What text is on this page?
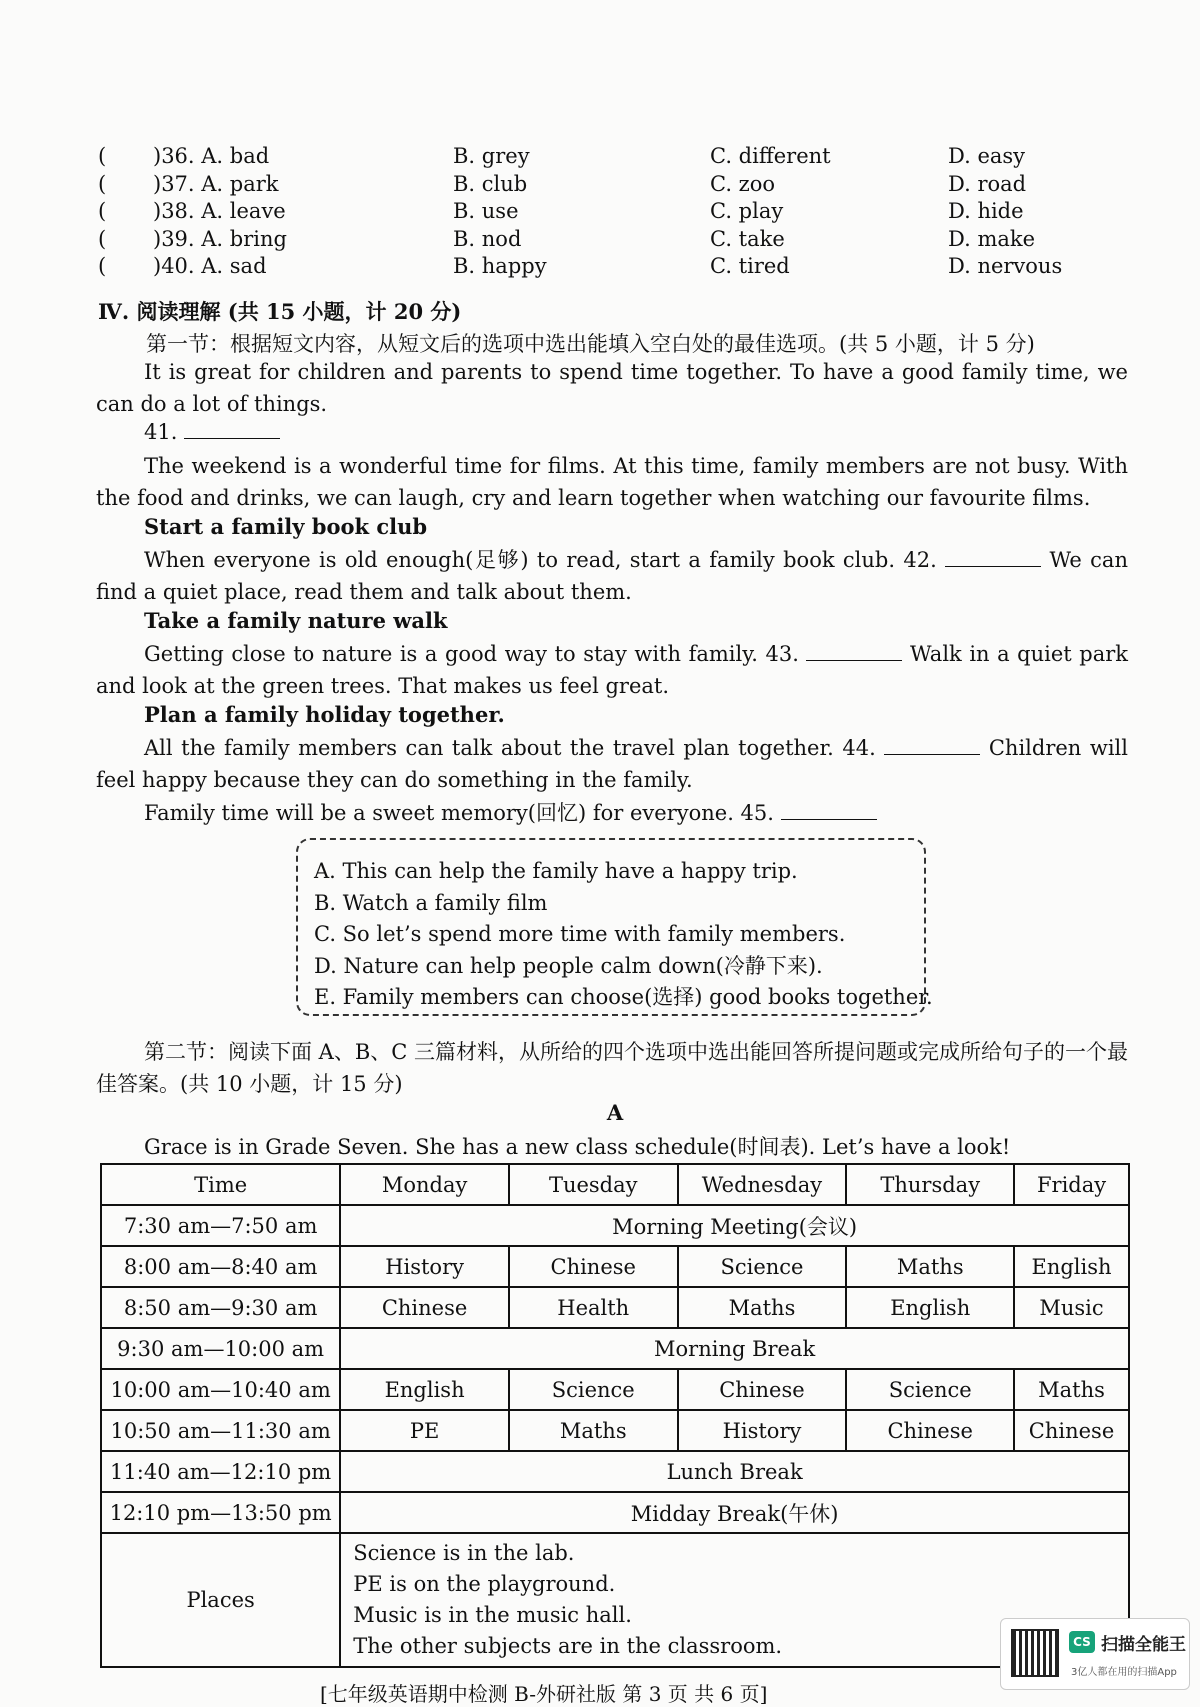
( )36. A. bad	B. grey	C. different	D. easy
( )37. A. park	B. club	C. zoo	D. road
( )38. A. leave	B. use	C. play	D. hide
( )39. A. bring	B. nod	C. take	D. make
( )40. A. sad	B. happy	C. tired	D. nervous
Ⅳ. 阅读理解 (共 15 小题，计 20 分)
第一节：根据短文内容，从短文后的选项中选出能填入空白处的最佳选项。(共 5 小题，计 5 分)

It is great for children and parents to spend time together. To have a good family time, we can do a lot of things.

41.

The weekend is a wonderful time for films. At this time, family members are not busy. With the food and drinks, we can laugh, cry and learn together when watching our favourite films.

Start a family book club

When everyone is old enough(足够) to read, start a family book club. 42.	We can find a quiet place, read them and talk about them.

Take a family nature walk

Getting close to nature is a good way to stay with family. 43.	Walk in a quiet park and look at the green trees. That makes us feel great.

Plan a family holiday together.

All the family members can talk about the travel plan together. 44.	Children will feel happy because they can do something in the family.

Family time will be a sweet memory(回忆) for everyone. 45.
A. This can help the family have a happy trip.
B. Watch a family film
C. So let’s spend more time with family members.
D. Nature can help people calm down(冷静下来).
E. Family members can choose(选择) good books together.

第二节：阅读下面 A、B、C 三篇材料，从所给的四个选项中选出能回答所提问题或完成所给句子的一个最佳答案。(共 10 小题，计 15 分)

A
Grace is in Grade Seven. She has a new class schedule(时间表). Let’s have a look!
Time	Monday	Tuesday	Wednesday	Thursday	Friday
7:30 am—7:50 am	Morning Meeting(会议)				
8:00 am—8:40 am	History	Chinese	Science	Maths	English
8:50 am—9:30 am	Chinese	Health	Maths	English	Music
9:30 am—10:00 am	Morning Break				
10:00 am—10:40 am	English	Science	Chinese	Science	Maths
10:50 am—11:30 am	PE	Maths	History	Chinese	Chinese
11:40 am—12:10 pm	Lunch Break				
12:10 pm—13:50 pm	Midday Break(午休)				
Places	Science is in the lab.
PE is on the playground.
Music is in the music hall.
The other subjects are in the classroom.				
[七年级英语期中检测 B-外研社版 第 3 页 共 6 页]
CS 扫描全能王
3亿人都在用的扫描App
